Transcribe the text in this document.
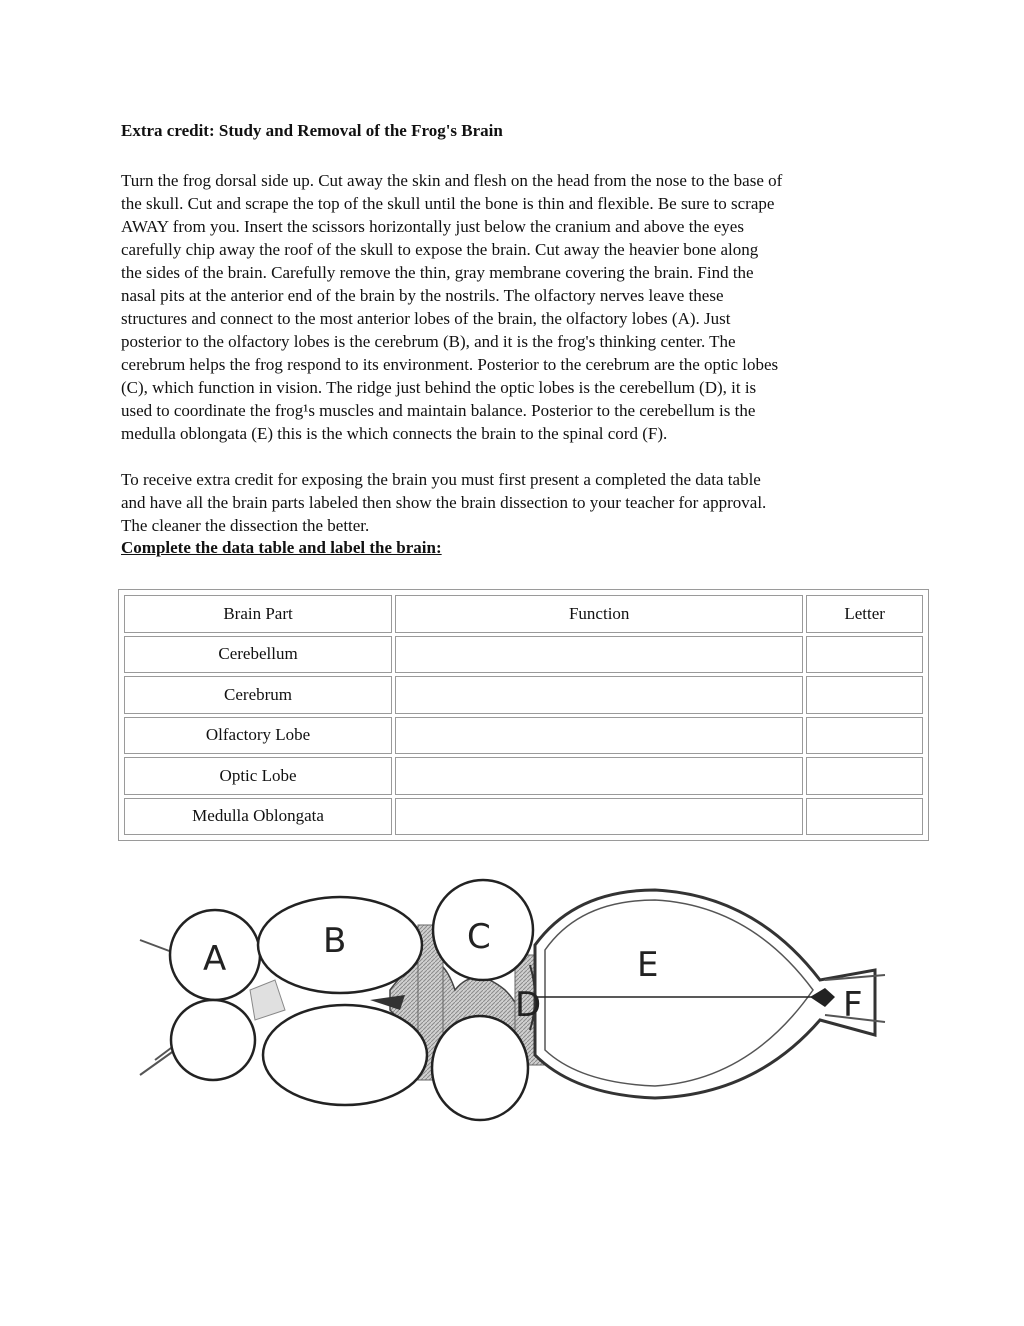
Extra credit: Study and Removal of the Frog's Brain
Turn the frog dorsal side up. Cut away the skin and flesh on the head from the nose to the base of
the skull. Cut and scrape the top of the skull until the bone is thin and flexible. Be sure to scrape
AWAY from you. Insert the scissors horizontally just below the cranium and above the eyes
carefully chip away the roof of the skull to expose the brain. Cut away the heavier bone along
the sides of the brain. Carefully remove the thin, gray membrane covering the brain. Find the
nasal pits at the anterior end of the brain by the nostrils. The olfactory nerves leave these
structures and connect to the most anterior lobes of the brain, the olfactory lobes (A). Just
posterior to the olfactory lobes is the cerebrum (B), and it is the frog's thinking center. The
cerebrum helps the frog respond to its environment. Posterior to the cerebrum are the optic lobes
(C), which function in vision. The ridge just behind the optic lobes is the cerebellum (D), it is
used to coordinate the frog¹s muscles and maintain balance. Posterior to the cerebellum is the
medulla oblongata (E) this is the which connects the brain to the spinal cord (F).
To receive extra credit for exposing the brain you must first present a completed the data table
and have all the brain parts labeled then show the brain dissection to your teacher for approval.
The cleaner the dissection the better.
Complete the data table and label the brain:
Brain Part	Function	Letter
Cerebellum		
Cerebrum		
Olfactory Lobe		
Optic Lobe		
Medulla Oblongata		
A	B	C
D
E
F
